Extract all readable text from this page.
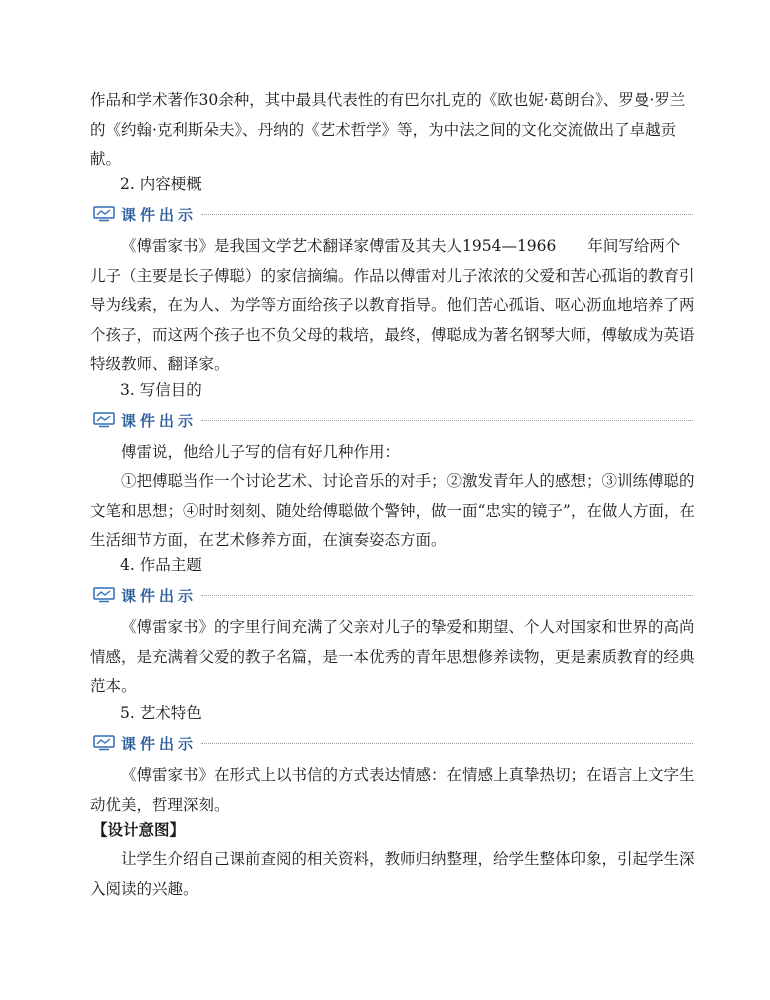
作品和学术著作30余种，其中最具代表性的有巴尔扎克的《欧也妮·葛朗台》、罗曼·罗兰的《约翰·克利斯朵夫》、丹纳的《艺术哲学》等，为中法之间的文化交流做出了卓越贡献。

2. 内容梗概

课件出示

《傅雷家书》是我国文学艺术翻译家傅雷及其夫人1954—1966　　年间写给两个儿子（主要是长子傅聪）的家信摘编。作品以傅雷对儿子浓浓的父爱和苦心孤诣的教育引导为线索，在为人、为学等方面给孩子以教育指导。他们苦心孤诣、呕心沥血地培养了两个孩子，而这两个孩子也不负父母的栽培，最终，傅聪成为著名钢琴大师，傅敏成为英语特级教师、翻译家。

3. 写信目的

课件出示

傅雷说，他给儿子写的信有好几种作用：

①把傅聪当作一个讨论艺术、讨论音乐的对手；②激发青年人的感想；③训练傅聪的文笔和思想；④时时刻刻、随处给傅聪做个警钟，做一面“忠实的镜子”，在做人方面，在生活细节方面，在艺术修养方面，在演奏姿态方面。

4. 作品主题

课件出示

《傅雷家书》的字里行间充满了父亲对儿子的挚爱和期望、个人对国家和世界的高尚情感，是充满着父爱的教子名篇，是一本优秀的青年思想修养读物，更是素质教育的经典范本。

5. 艺术特色

课件出示

《傅雷家书》在形式上以书信的方式表达情感：在情感上真挚热切；在语言上文字生动优美，哲理深刻。

【设计意图】

让学生介绍自己课前查阅的相关资料，教师归纳整理，给学生整体印象，引起学生深入阅读的兴趣。
